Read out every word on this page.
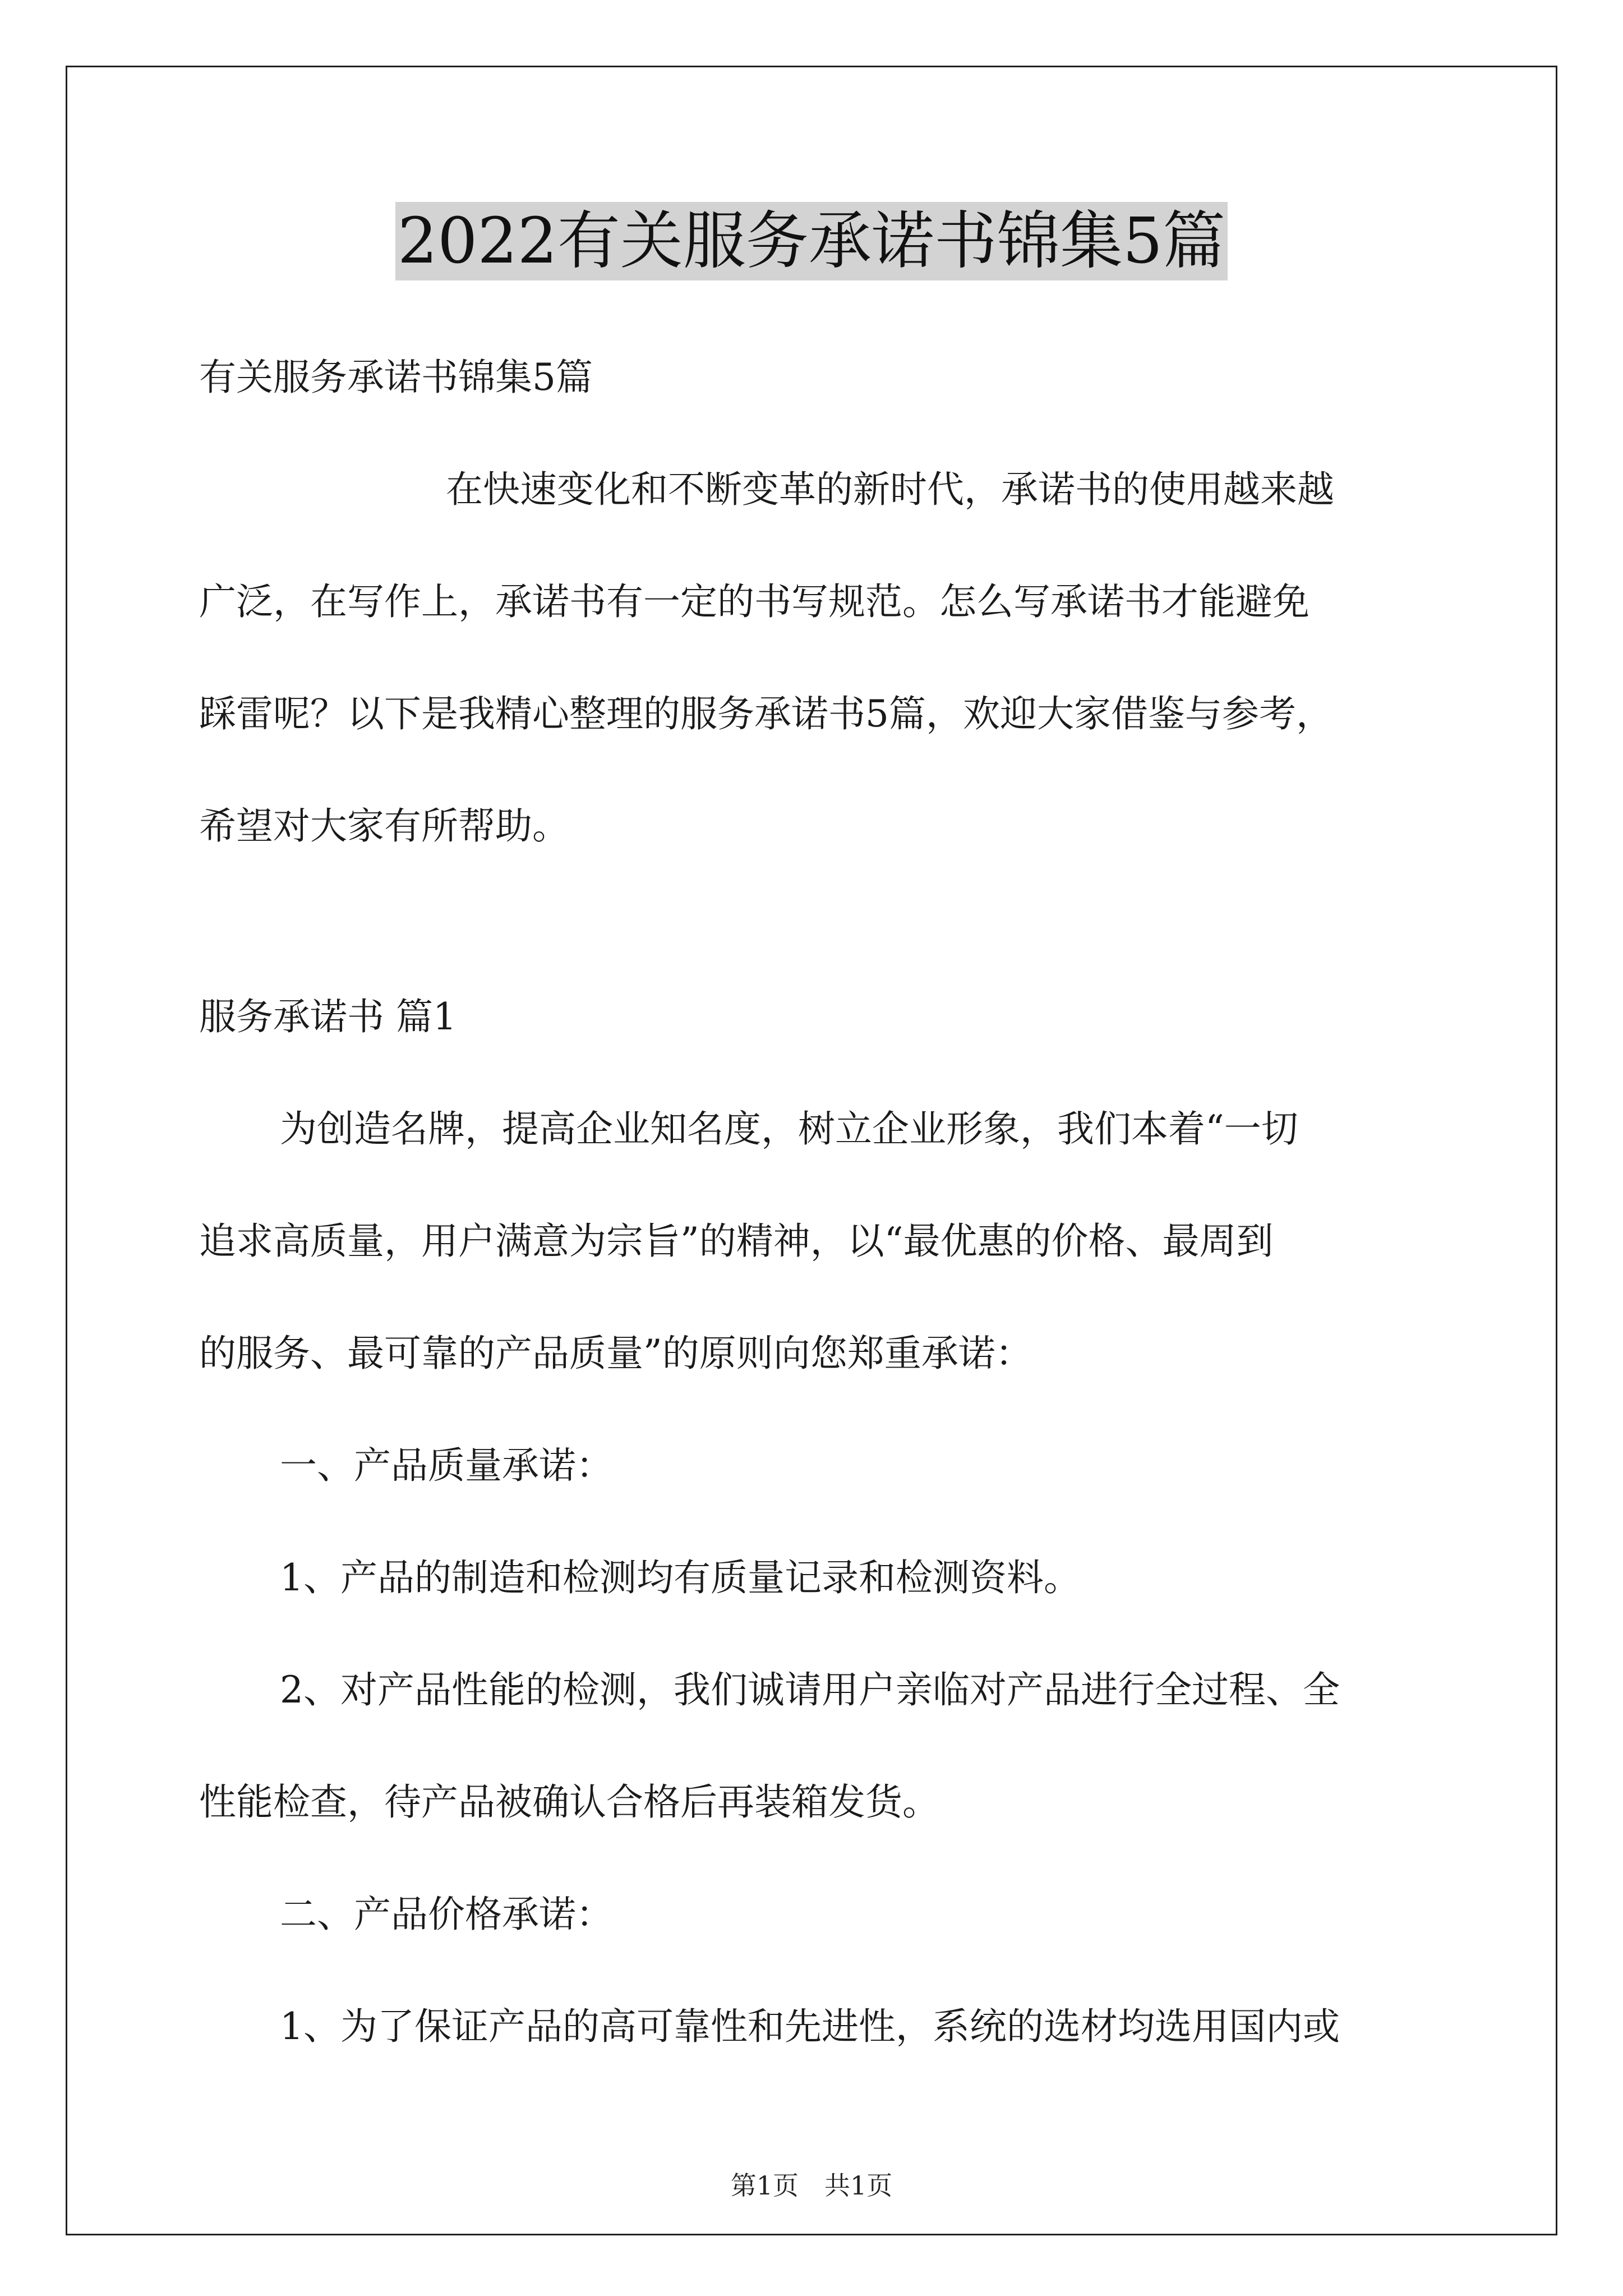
2022有关服务承诺书锦集5篇
有关服务承诺书锦集5篇
在快速变化和不断变革的新时代，承诺书的使用越来越
广泛，在写作上，承诺书有一定的书写规范。怎么写承诺书才能避免
踩雷呢？以下是我精心整理的服务承诺书5篇，欢迎大家借鉴与参考，
希望对大家有所帮助。
服务承诺书 篇1
为创造名牌，提高企业知名度，树立企业形象，我们本着“一切
追求高质量，用户满意为宗旨”的精神，以“最优惠的价格、最周到
的服务、最可靠的产品质量”的原则向您郑重承诺：
一、产品质量承诺：
1、产品的制造和检测均有质量记录和检测资料。
2、对产品性能的检测，我们诚请用户亲临对产品进行全过程、全
性能检查，待产品被确认合格后再装箱发货。
二、产品价格承诺：
1、为了保证产品的高可靠性和先进性，系统的选材均选用国内或
第1页　共1页
